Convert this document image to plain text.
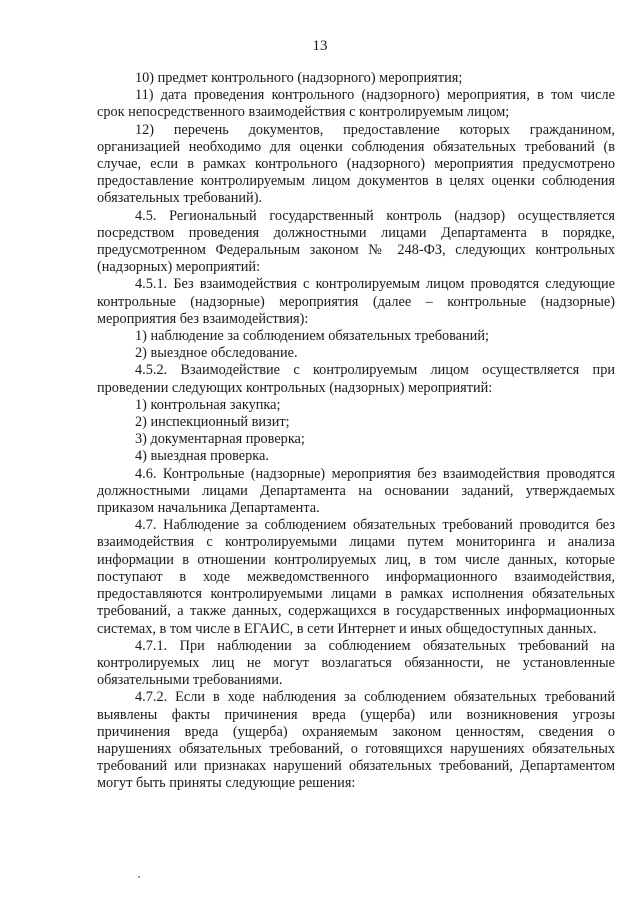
13

10) предмет контрольного (надзорного) мероприятия;

11) дата проведения контрольного (надзорного) мероприятия, в том числе срок непосредственного взаимодействия с контролируемым лицом;

12) перечень документов, предоставление которых гражданином, организацией необходимо для оценки соблюдения обязательных требований (в случае, если в рамках контрольного (надзорного) мероприятия предусмотрено предоставление контролируемым лицом документов в целях оценки соблюдения обязательных требований).

4.5. Региональный государственный контроль (надзор) осуществляется посредством проведения должностными лицами Департамента в порядке, предусмотренном Федеральным законом № 248-ФЗ, следующих контрольных (надзорных) мероприятий:

4.5.1. Без взаимодействия с контролируемым лицом проводятся следующие контрольные (надзорные) мероприятия (далее – контрольные (надзорные) мероприятия без взаимодействия):

1) наблюдение за соблюдением обязательных требований;

2) выездное обследование.

4.5.2. Взаимодействие с контролируемым лицом осуществляется при проведении следующих контрольных (надзорных) мероприятий:

1) контрольная закупка;

2) инспекционный визит;

3) документарная проверка;

4) выездная проверка.

4.6. Контрольные (надзорные) мероприятия без взаимодействия проводятся должностными лицами Департамента на основании заданий, утверждаемых приказом начальника Департамента.

4.7. Наблюдение за соблюдением обязательных требований проводится без взаимодействия с контролируемыми лицами путем мониторинга и анализа информации в отношении контролируемых лиц, в том числе данных, которые поступают в ходе межведомственного информационного взаимодействия, предоставляются контролируемыми лицами в рамках исполнения обязательных требований, а также данных, содержащихся в государственных информационных системах, в том числе в ЕГАИС, в сети Интернет и иных общедоступных данных.

4.7.1. При наблюдении за соблюдением обязательных требований на контролируемых лиц не могут возлагаться обязанности, не установленные обязательными требованиями.

4.7.2. Если в ходе наблюдения за соблюдением обязательных требований выявлены факты причинения вреда (ущерба) или возникновения угрозы причинения вреда (ущерба) охраняемым законом ценностям, сведения о нарушениях обязательных требований, о готовящихся нарушениях обязательных требований или признаках нарушений обязательных требований, Департаментом могут быть приняты следующие решения:
